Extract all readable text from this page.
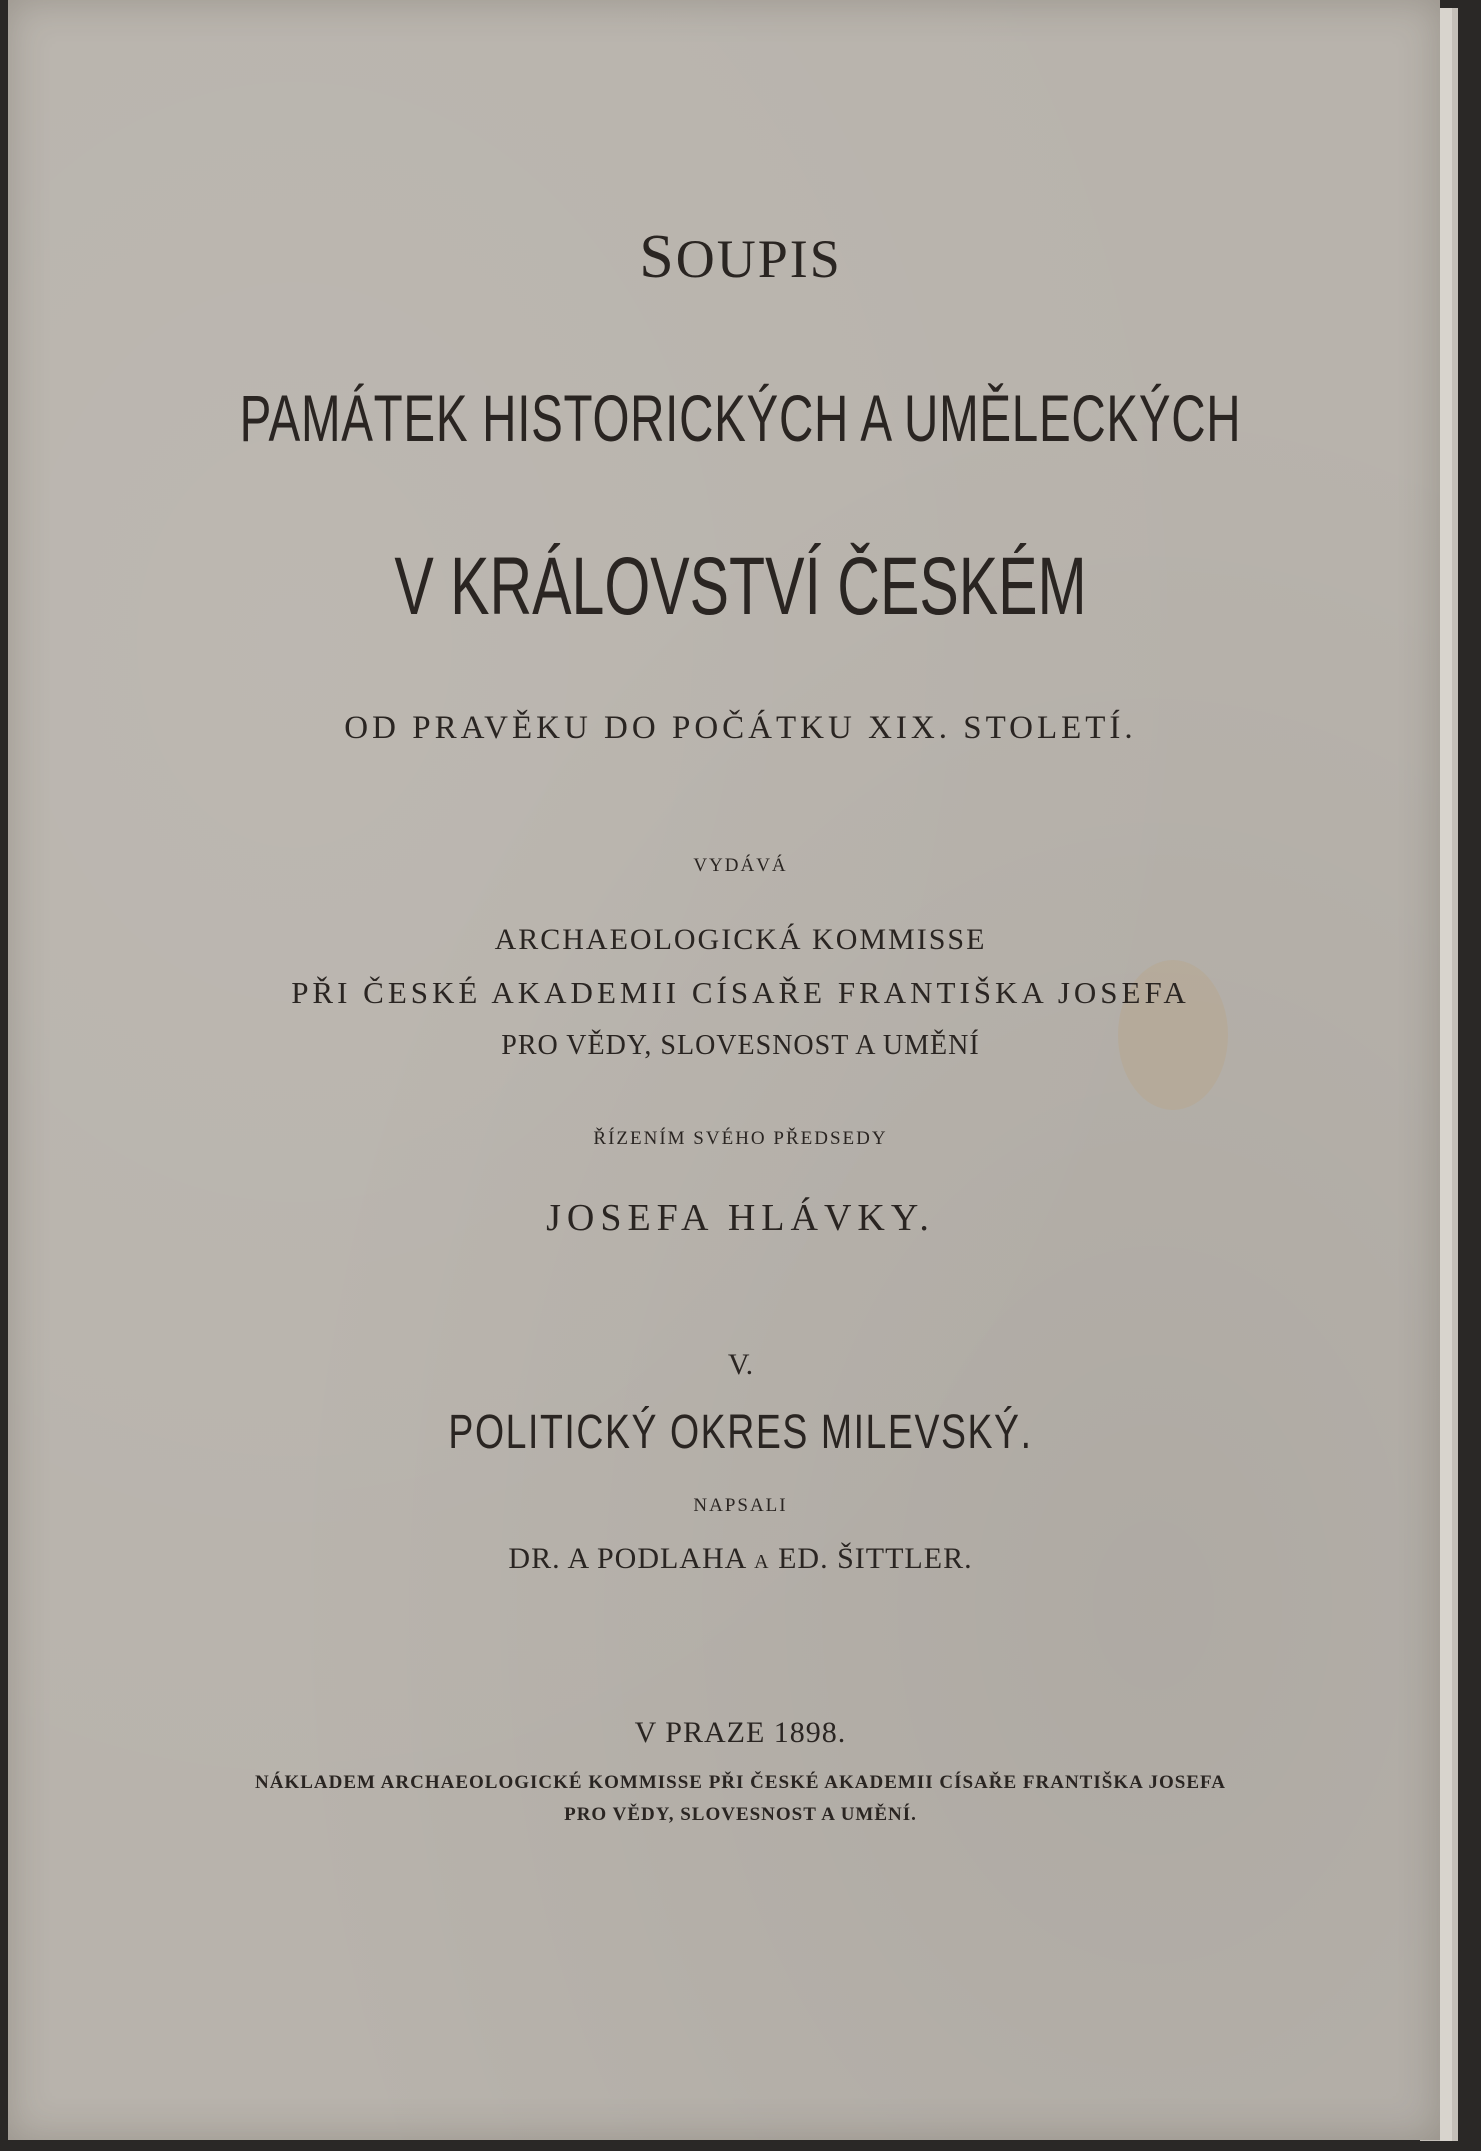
SOUPIS
PAMÁTEK HISTORICKÝCH A UMĚLECKÝCH
V KRÁLOVSTVÍ ČESKÉM
OD PRAVĚKU DO POČÁTKU XIX. STOLETÍ.
VYDÁVÁ
ARCHAEOLOGICKÁ KOMMISSE
PŘI ČESKÉ AKADEMII CÍSAŘE FRANTIŠKA JOSEFA
PRO VĚDY, SLOVESNOST A UMĚNÍ
ŘÍZENÍM SVÉHO PŘEDSEDY
JOSEFA HLÁVKY.
V.
POLITICKÝ OKRES MILEVSKÝ.
NAPSALI
DR. A PODLAHA A ED. ŠITTLER.
V PRAZE 1898.
NÁKLADEM ARCHAEOLOGICKÉ KOMMISSE PŘI ČESKÉ AKADEMII CÍSAŘE FRANTIŠKA JOSEFA
PRO VĚDY, SLOVESNOST A UMĚNÍ.
